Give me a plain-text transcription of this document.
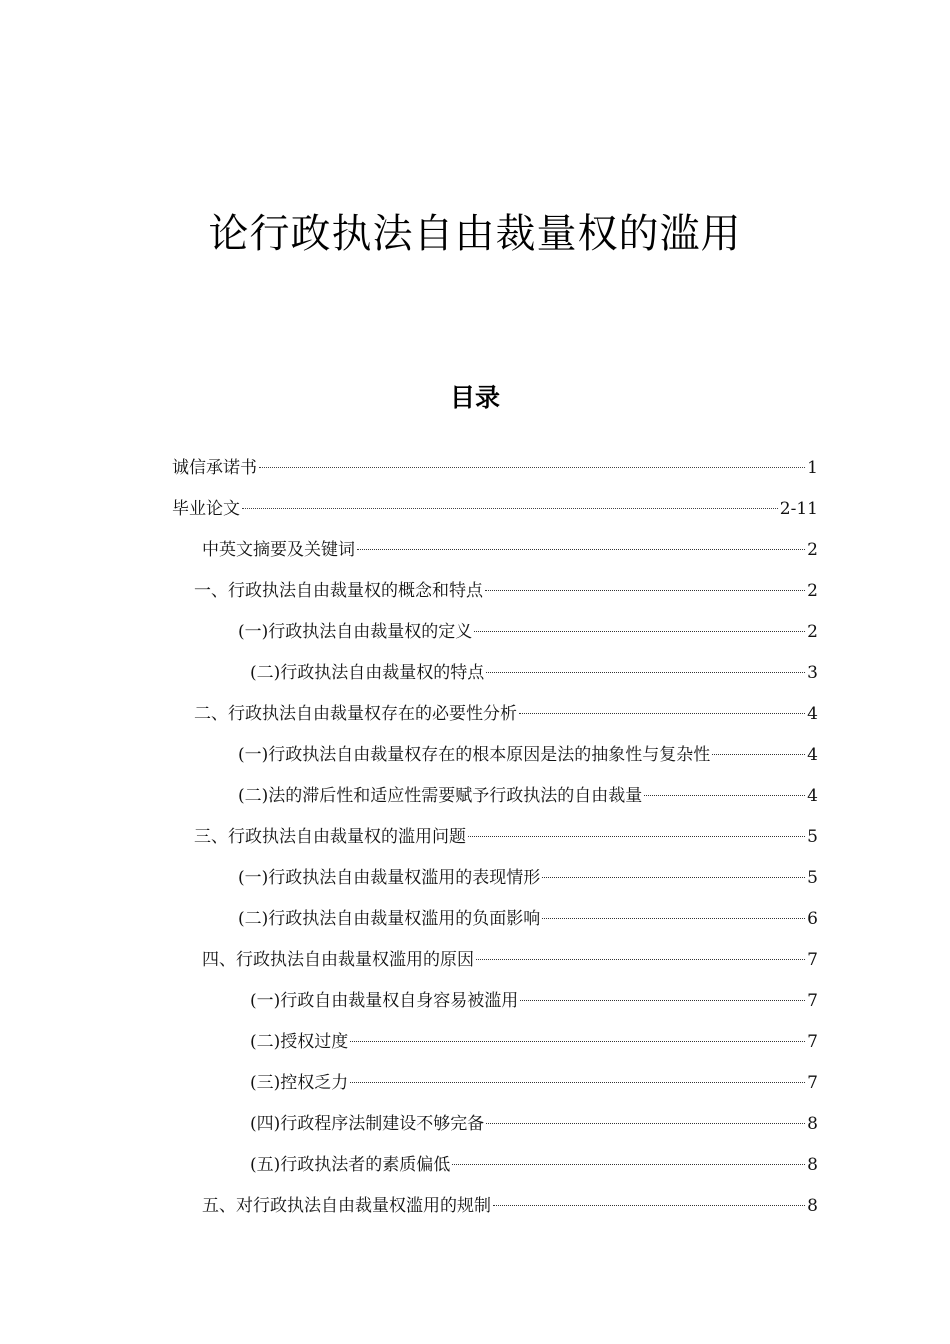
论行政执法自由裁量权的滥用
目录
诚信承诺书	1
毕业论文	2-11
中英文摘要及关键词	2
一、行政执法自由裁量权的概念和特点	2
(一)行政执法自由裁量权的定义	2
(二)行政执法自由裁量权的特点	3
二、行政执法自由裁量权存在的必要性分析	4
(一)行政执法自由裁量权存在的根本原因是法的抽象性与复杂性	4
(二)法的滞后性和适应性需要赋予行政执法的自由裁量	4
三、行政执法自由裁量权的滥用问题	5
(一)行政执法自由裁量权滥用的表现情形	5
(二)行政执法自由裁量权滥用的负面影响	6
四、行政执法自由裁量权滥用的原因	7
(一)行政自由裁量权自身容易被滥用	7
(二)授权过度	7
(三)控权乏力	7
(四)行政程序法制建设不够完备	8
(五)行政执法者的素质偏低	8
五、对行政执法自由裁量权滥用的规制	8
